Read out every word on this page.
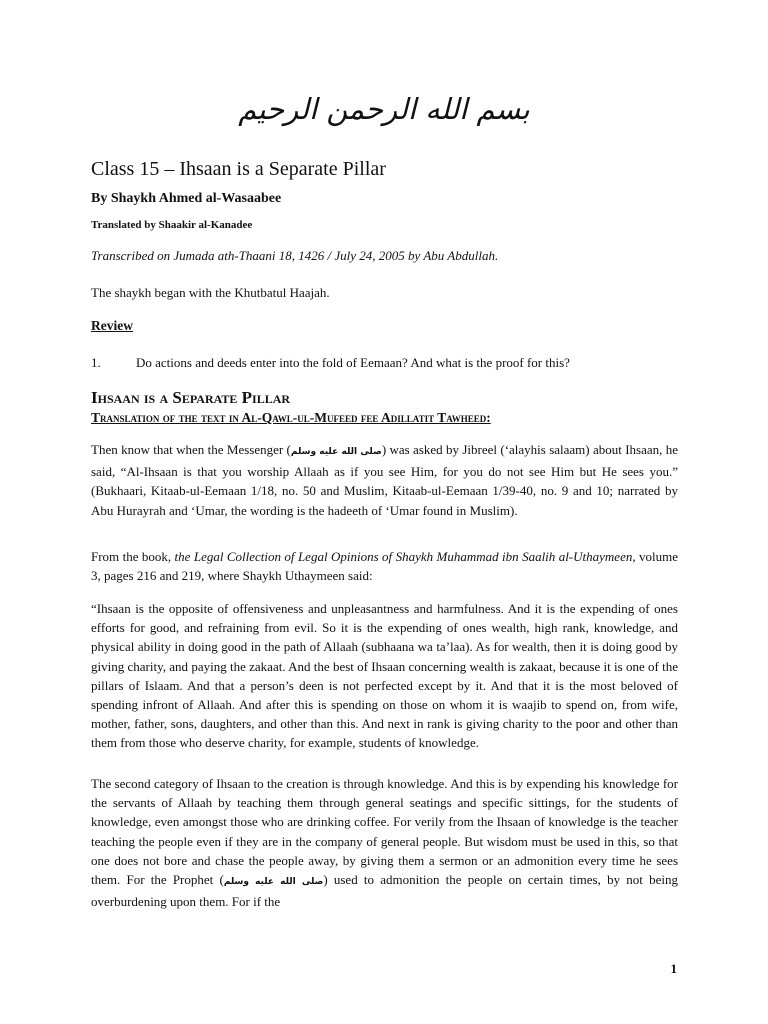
بسم الله الرحمن الرحيم
Class 15 – Ihsaan is a Separate Pillar
By Shaykh Ahmed al-Wasaabee
Translated by Shaakir al-Kanadee
Transcribed on Jumada ath-Thaani 18, 1426 / July 24, 2005 by Abu Abdullah.
The shaykh began with the Khutbatul Haajah.
Review
1.	Do actions and deeds enter into the fold of Eemaan? And what is the proof for this?
Ihsaan is a Separate Pillar
Translation of the text in Al-Qawl-ul-Mufeed fee Adillatit Tawheed:
Then know that when the Messenger (صلى الله عليه وسلم) was asked by Jibreel (‘alayhis salaam) about Ihsaan, he said, “Al-Ihsaan is that you worship Allaah as if you see Him, for you do not see Him but He sees you.” (Bukhaari, Kitaab-ul-Eemaan 1/18, no. 50 and Muslim, Kitaab-ul-Eemaan 1/39-40, no. 9 and 10; narrated by Abu Hurayrah and ‘Umar, the wording is the hadeeth of ‘Umar found in Muslim).
From the book, the Legal Collection of Legal Opinions of Shaykh Muhammad ibn Saalih al-Uthaymeen, volume 3, pages 216 and 219, where Shaykh Uthaymeen said:
“Ihsaan is the opposite of offensiveness and unpleasantness and harmfulness. And it is the expending of ones efforts for good, and refraining from evil. So it is the expending of ones wealth, high rank, knowledge, and physical ability in doing good in the path of Allaah (subhaana wa ta’laa). As for wealth, then it is doing good by giving charity, and paying the zakaat. And the best of Ihsaan concerning wealth is zakaat, because it is one of the pillars of Islaam. And that a person’s deen is not perfected except by it. And that it is the most beloved of spending infront of Allaah. And after this is spending on those on whom it is waajib to spend on, from wife, mother, father, sons, daughters, and other than this. And next in rank is giving charity to the poor and other than them from those who deserve charity, for example, students of knowledge.
The second category of Ihsaan to the creation is through knowledge. And this is by expending his knowledge for the servants of Allaah by teaching them through general seatings and specific sittings, for the students of knowledge, even amongst those who are drinking coffee. For verily from the Ihsaan of knowledge is the teacher teaching the people even if they are in the company of general people. But wisdom must be used in this, so that one does not bore and chase the people away, by giving them a sermon or an admonition every time he sees them. For the Prophet (صلى الله عليه وسلم) used to admonition the people on certain times, by not being overburdening upon them. For if the
1
